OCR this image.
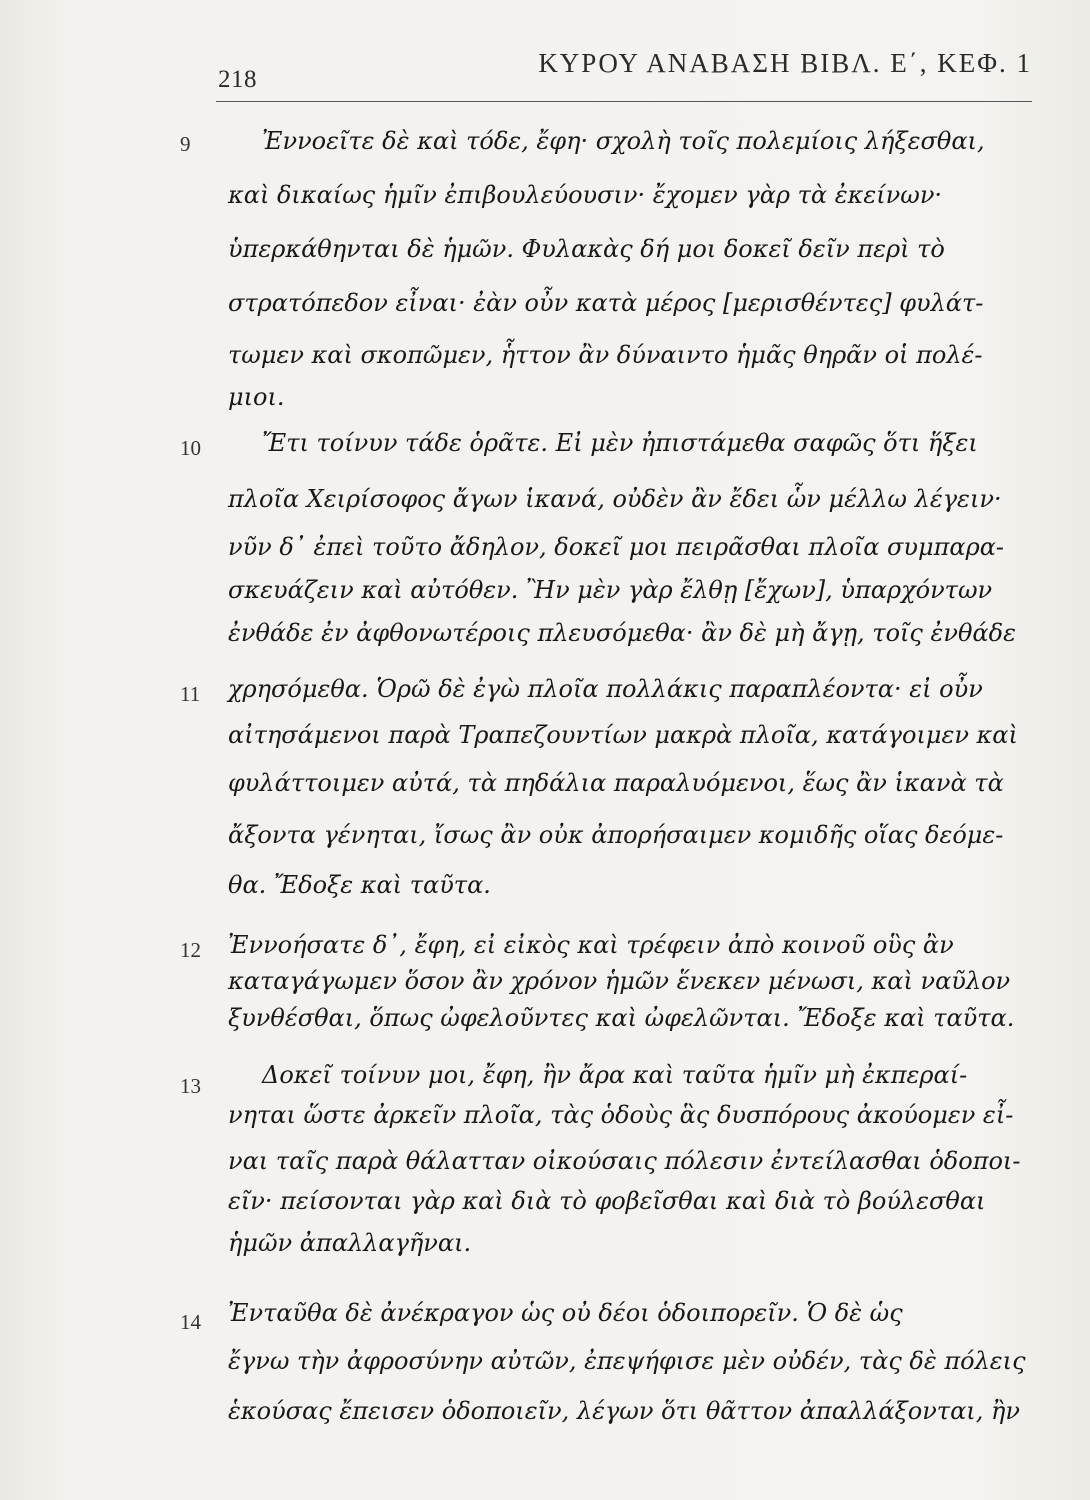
218
ΚΥΡΟΥ ΑΝΑΒΑΣΗ ΒΙΒΛ. Ε΄, ΚΕΦ. 1
9	Ἐννοεῖτε δὲ καὶ τόδε, ἔφη· σχολὴ τοῖς πολεμίοις λήξεσθαι,
καὶ δικαίως ἡμῖν ἐπιβουλεύουσιν· ἔχομεν γὰρ τὰ ἐκείνων·
ὑπερκάθηνται δὲ ἡμῶν. Φυλακὰς δή μοι δοκεῖ δεῖν περὶ τὸ
στρατόπεδον εἶναι· ἐὰν οὖν κατὰ μέρος [μερισθέντες] φυλάτ-
τωμεν καὶ σκοπῶμεν, ἧττον ἂν δύναιντο ἡμᾶς θηρᾶν οἱ πολέ-
μιοι.
10	Ἔτι τοίνυν τάδε ὁρᾶτε. Εἰ μὲν ἠπιστάμεθα σαφῶς ὅτι ἥξει
πλοῖα Χειρίσοφος ἄγων ἱκανά, οὐδὲν ἂν ἔδει ὧν μέλλω λέγειν·
νῦν δ᾽ ἐπεὶ τοῦτο ἄδηλον, δοκεῖ μοι πειρᾶσθαι πλοῖα συμπαρα-
σκευάζειν καὶ αὐτόθεν. Ἢν μὲν γὰρ ἔλθῃ [ἔχων], ὑπαρχόντων
ἐνθάδε ἐν ἀφθονωτέροις πλευσόμεθα· ἂν δὲ μὴ ἄγῃ, τοῖς ἐνθάδε
11 χρησόμεθα. Ὁρῶ δὲ ἐγὼ πλοῖα πολλάκις παραπλέοντα· εἰ οὖν
αἰτησάμενοι παρὰ Τραπεζουντίων μακρὰ πλοῖα, κατάγοιμεν καὶ
φυλάττοιμεν αὐτά, τὰ πηδάλια παραλυόμενοι, ἕως ἂν ἱκανὰ τὰ
ἄξοντα γένηται, ἴσως ἂν οὐκ ἀπορήσαιμεν κομιδῆς οἵας δεόμε-
θα. Ἔδοξε καὶ ταῦτα.
12 Ἐννοήσατε δ᾽, ἔφη, εἰ εἰκὸς καὶ τρέφειν ἀπὸ κοινοῦ οὓς ἂν
καταγάγωμεν ὅσον ἂν χρόνον ἡμῶν ἕνεκεν μένωσι, καὶ ναῦλον
ξυνθέσθαι, ὅπως ὠφελοῦντες καὶ ὠφελῶνται. Ἔδοξε καὶ ταῦτα.
13	Δοκεῖ τοίνυν μοι, ἔφη, ἢν ἄρα καὶ ταῦτα ἡμῖν μὴ ἐκπεραί-
νηται ὥστε ἀρκεῖν πλοῖα, τὰς ὁδοὺς ἃς δυσπόρους ἀκούομεν εἶ-
ναι ταῖς παρὰ θάλατταν οἰκούσαις πόλεσιν ἐντείλασθαι ὁδοποι-
εῖν· πείσονται γὰρ καὶ διὰ τὸ φοβεῖσθαι καὶ διὰ τὸ βούλεσθαι
ἡμῶν ἀπαλλαγῆναι.
14 Ἐνταῦθα δὲ ἀνέκραγον ὡς οὐ δέοι ὁδοιπορεῖν. Ὁ δὲ ὡς
ἔγνω τὴν ἀφροσύνην αὐτῶν, ἐπεψήφισε μὲν οὐδέν, τὰς δὲ πόλεις
ἑκούσας ἔπεισεν ὁδοποιεῖν, λέγων ὅτι θᾶττον ἀπαλλάξονται, ἢν
